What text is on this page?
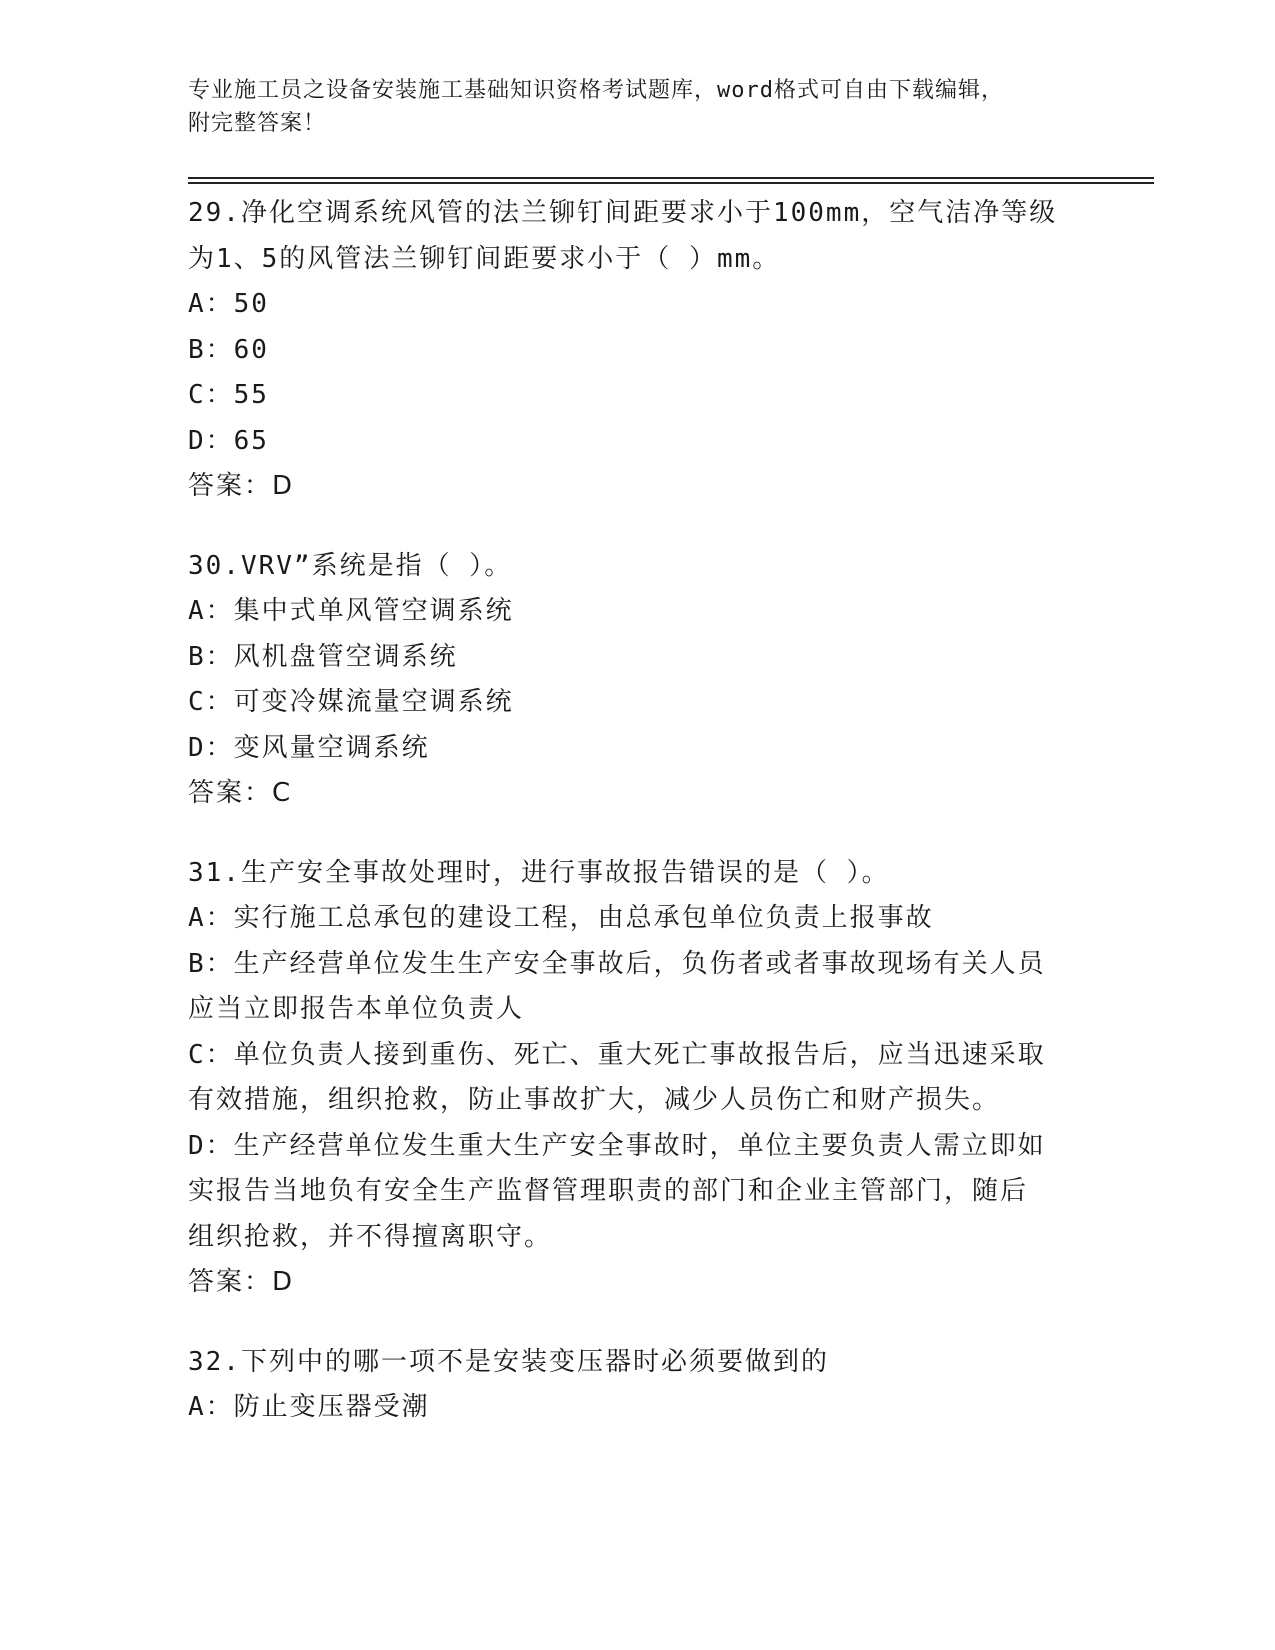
专业施工员之设备安装施工基础知识资格考试题库，word格式可自由下载编辑，
附完整答案！
29.净化空调系统风管的法兰铆钉间距要求小于100mm，空气洁净等级
为1、5的风管法兰铆钉间距要求小于（ ）mm。
A：50
B：60
C：55
D：65
答案：D
30.VRV”系统是指（ ）。
A：集中式单风管空调系统
B：风机盘管空调系统
C：可变冷媒流量空调系统
D：变风量空调系统
答案：C
31.生产安全事故处理时，进行事故报告错误的是（ ）。
A：实行施工总承包的建设工程，由总承包单位负责上报事故
B：生产经营单位发生生产安全事故后，负伤者或者事故现场有关人员
应当立即报告本单位负责人
C：单位负责人接到重伤、死亡、重大死亡事故报告后，应当迅速采取
有效措施，组织抢救，防止事故扩大，减少人员伤亡和财产损失。
D：生产经营单位发生重大生产安全事故时，单位主要负责人需立即如
实报告当地负有安全生产监督管理职责的部门和企业主管部门，随后
组织抢救，并不得擅离职守。
答案：D
32.下列中的哪一项不是安装变压器时必须要做到的
A：防止变压器受潮
